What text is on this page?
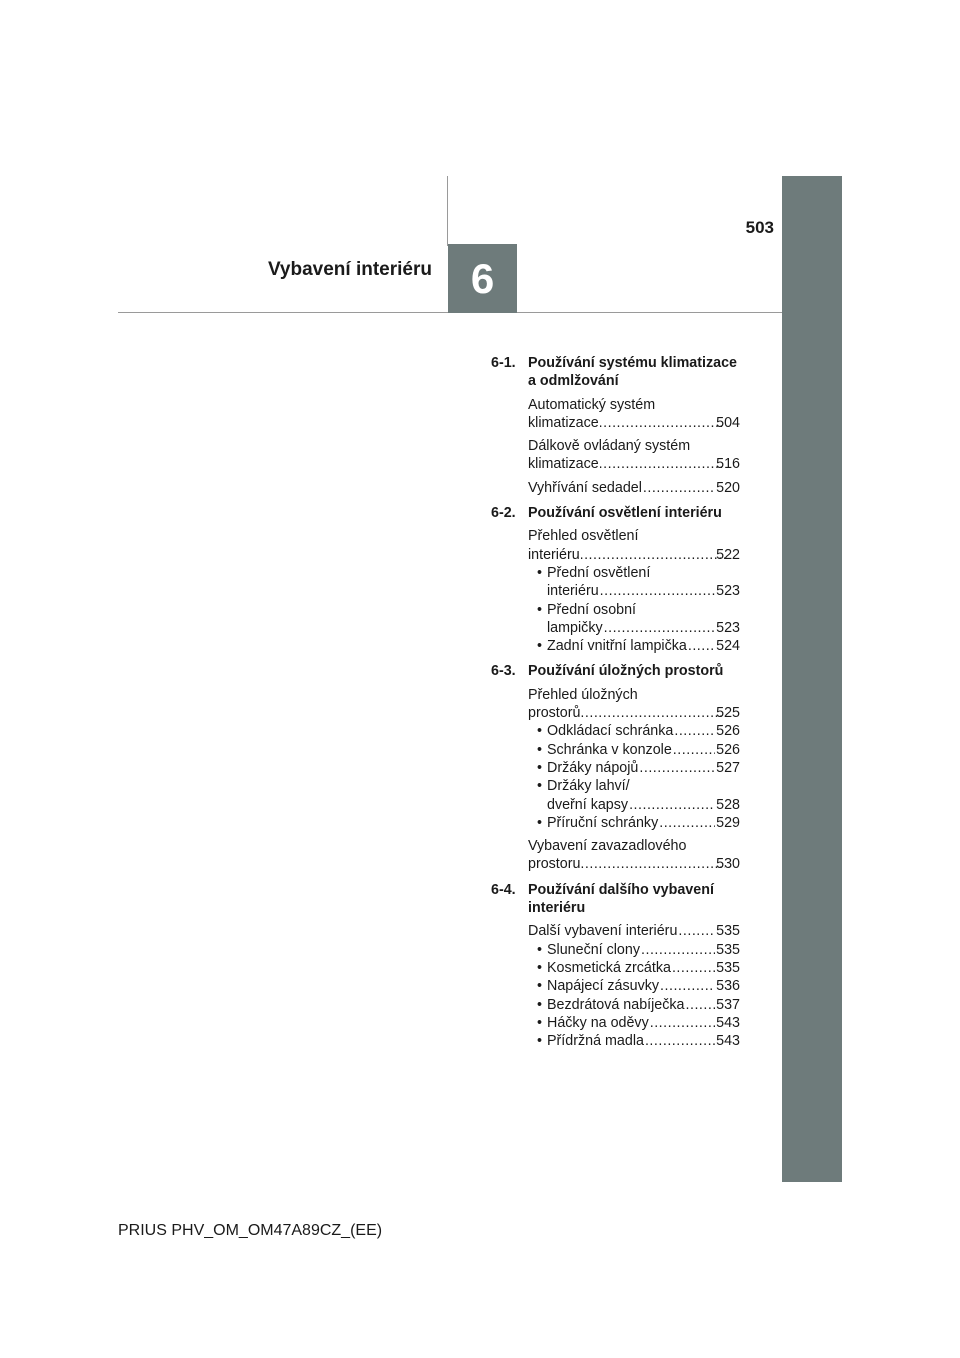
503
Vybavení interiéru 6
6-1. Používání systému klimatizace a odmlžování
Automatický systém
klimatizace .....	504
Dálkově ovládaný systém
klimatizace .....	516
Vyhřívání sedadel .....	520
6-2. Používání osvětlení interiéru
Přehled osvětlení
interiéru .....	522
• Přední osvětlení
interiéru .....	523
• Přední osobní
lampičky .....	523
• Zadní vnitřní lampička ..... 524
6-3. Používání úložných prostorů
Přehled úložných
prostorů .....	525
• Odkládací schránka .....	526
• Schránka v konzole .....	526
• Držáky nápojů .....	527
• Držáky lahví/
dveřní kapsy .....	528
• Příruční schránky .....	529
Vybavení zavazadlového
prostoru .....	530
6-4. Používání dalšího vybavení interiéru
Další vybavení interiéru .....	535
• Sluneční clony .....	535
• Kosmetická zrcátka .....	535
• Napájecí zásuvky .....	536
• Bezdrátová nabíječka ..... 537
• Háčky na oděvy .....	543
• Přídržná madla .....	543
PRIUS PHV_OM_OM47A89CZ_(EE)
